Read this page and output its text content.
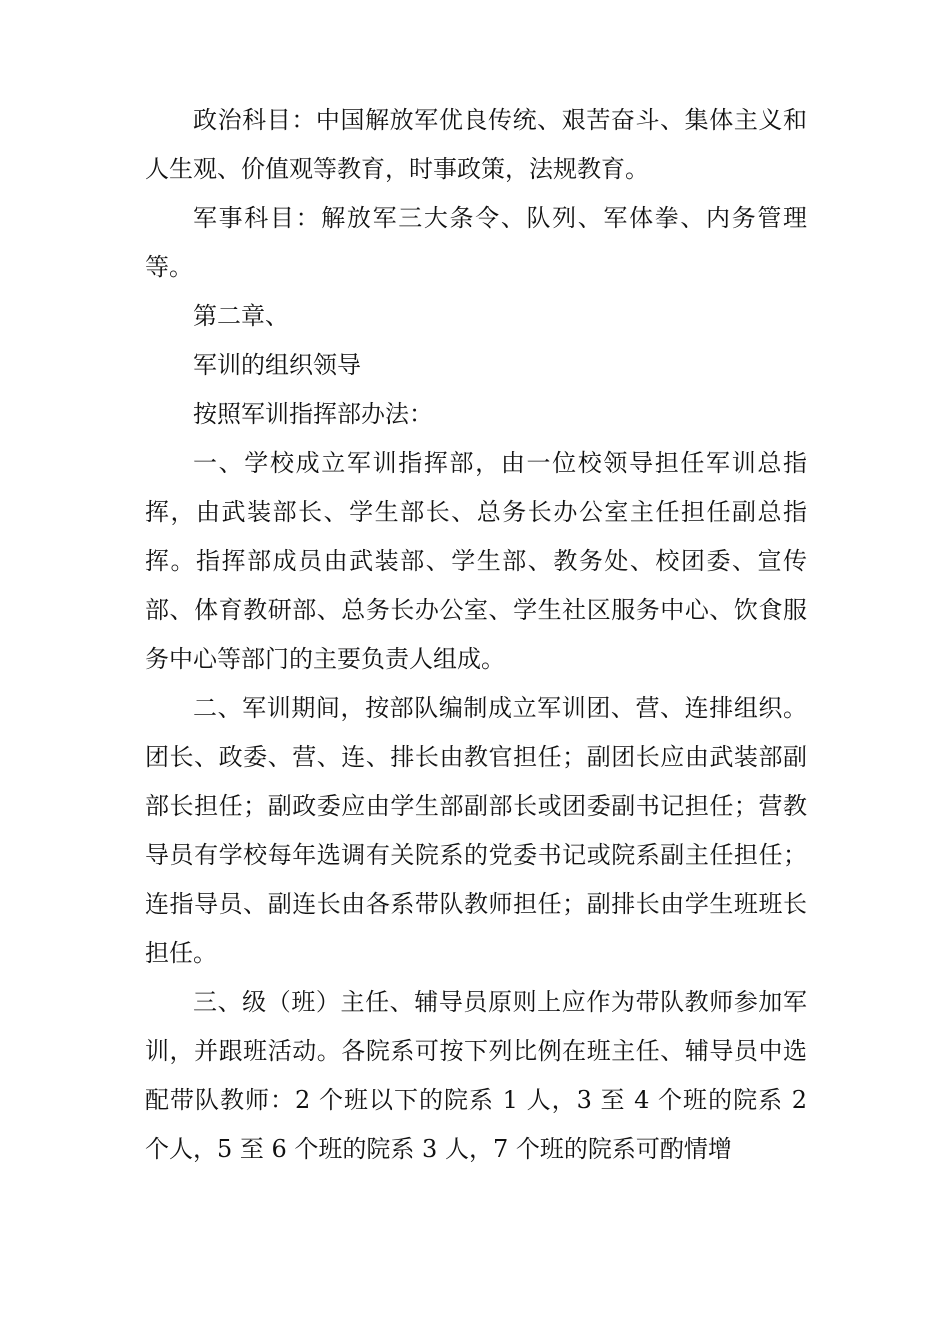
政治科目：中国解放军优良传统、艰苦奋斗、集体主义和人生观、价值观等教育，时事政策，法规教育。

军事科目：解放军三大条令、队列、军体拳、内务管理等。

第二章、

军训的组织领导

按照军训指挥部办法：

一、学校成立军训指挥部，由一位校领导担任军训总指挥，由武装部长、学生部长、总务长办公室主任担任副总指挥。指挥部成员由武装部、学生部、教务处、校团委、宣传部、体育教研部、总务长办公室、学生社区服务中心、饮食服务中心等部门的主要负责人组成。

二、军训期间，按部队编制成立军训团、营、连排组织。团长、政委、营、连、排长由教官担任；副团长应由武装部副部长担任；副政委应由学生部副部长或团委副书记担任；营教导员有学校每年选调有关院系的党委书记或院系副主任担任；连指导员、副连长由各系带队教师担任；副排长由学生班班长担任。

三、级（班）主任、辅导员原则上应作为带队教师参加军训，并跟班活动。各院系可按下列比例在班主任、辅导员中选配带队教师：2 个班以下的院系 1 人，3 至 4 个班的院系 2 个人，5 至 6 个班的院系 3 人，7 个班的院系可酌情增
